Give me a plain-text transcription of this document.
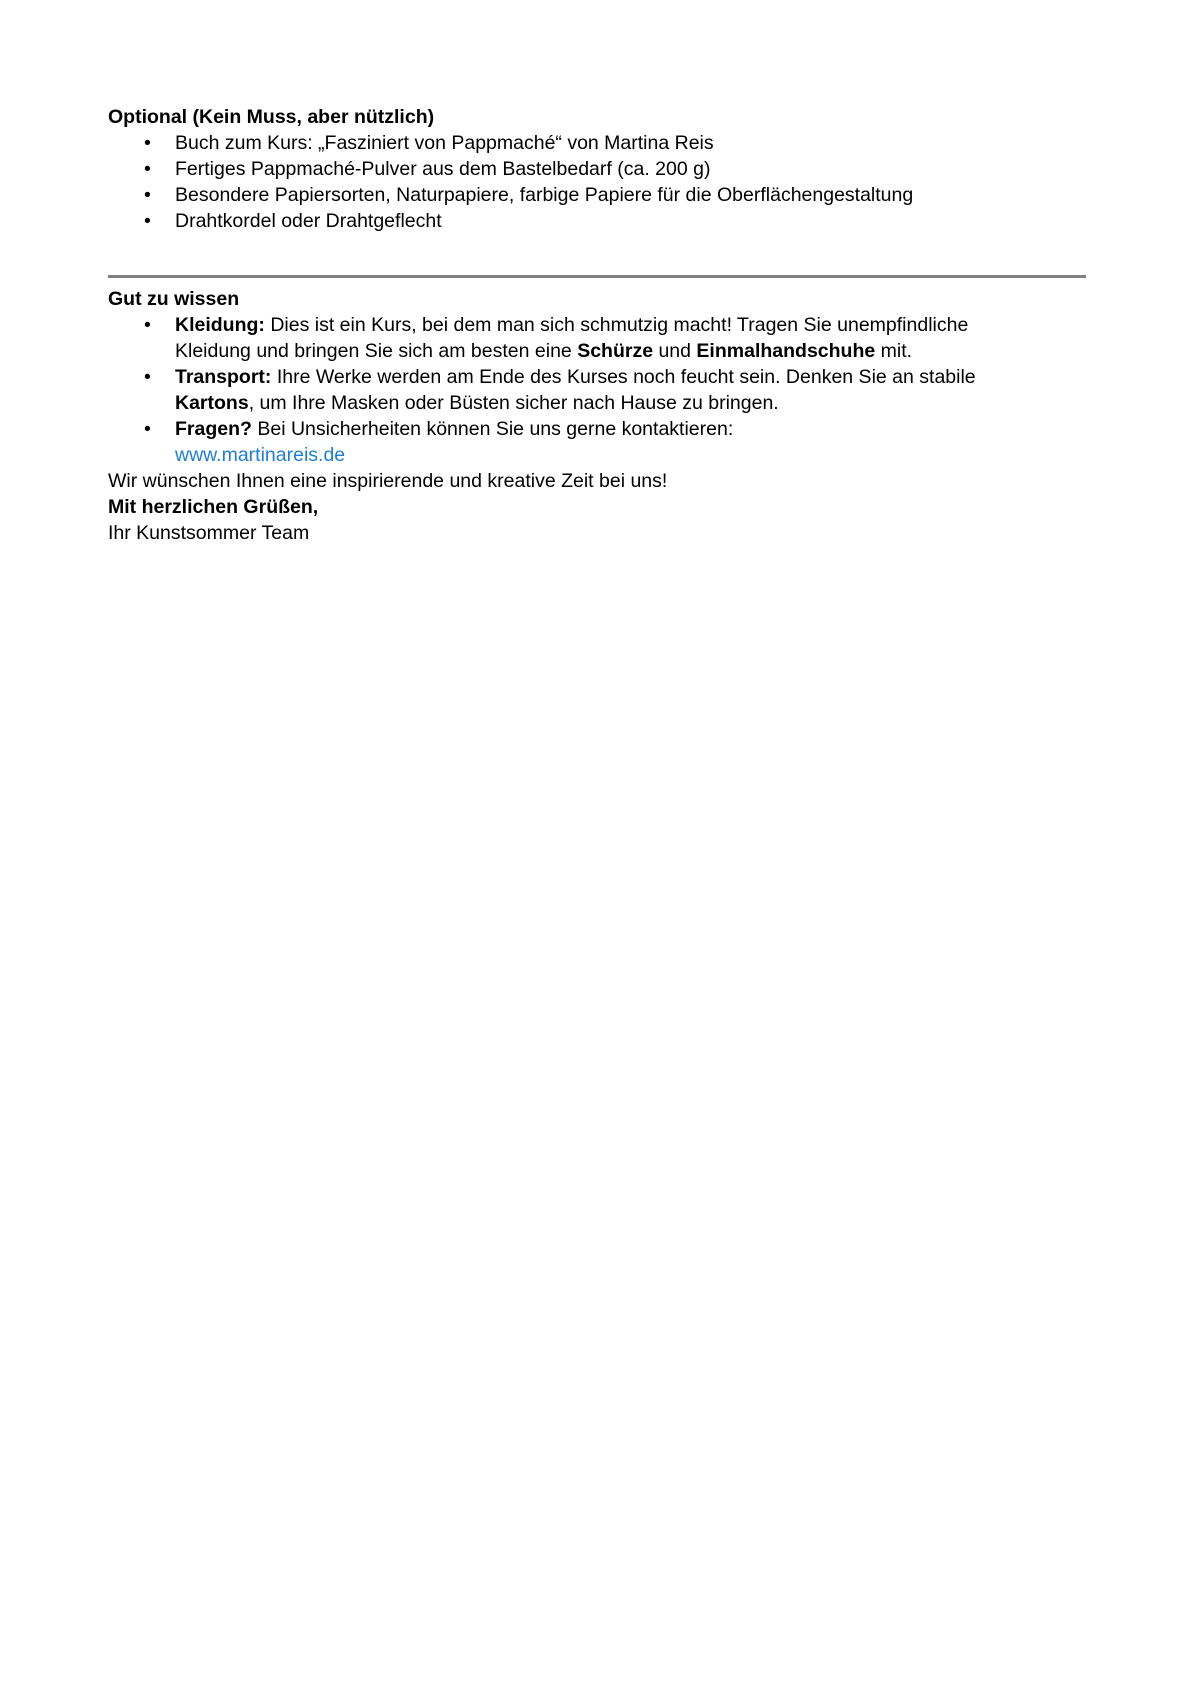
Optional (Kein Muss, aber nützlich)
• Buch zum Kurs: „Fasziniert von Pappmaché“ von Martina Reis
• Fertiges Pappmaché-Pulver aus dem Bastelbedarf (ca. 200 g)
• Besondere Papiersorten, Naturpapiere, farbige Papiere für die Oberflächengestaltung
• Drahtkordel oder Drahtgeflecht
Gut zu wissen
• Kleidung: Dies ist ein Kurs, bei dem man sich schmutzig macht! Tragen Sie unempfindliche Kleidung und bringen Sie sich am besten eine Schürze und Einmalhandschuhe mit.
• Transport: Ihre Werke werden am Ende des Kurses noch feucht sein. Denken Sie an stabile Kartons, um Ihre Masken oder Büsten sicher nach Hause zu bringen.
• Fragen? Bei Unsicherheiten können Sie uns gerne kontaktieren:
www.martinareis.de

Wir wünschen Ihnen eine inspirierende und kreative Zeit bei uns!

Mit herzlichen Grüßen,

Ihr Kunstsommer Team
